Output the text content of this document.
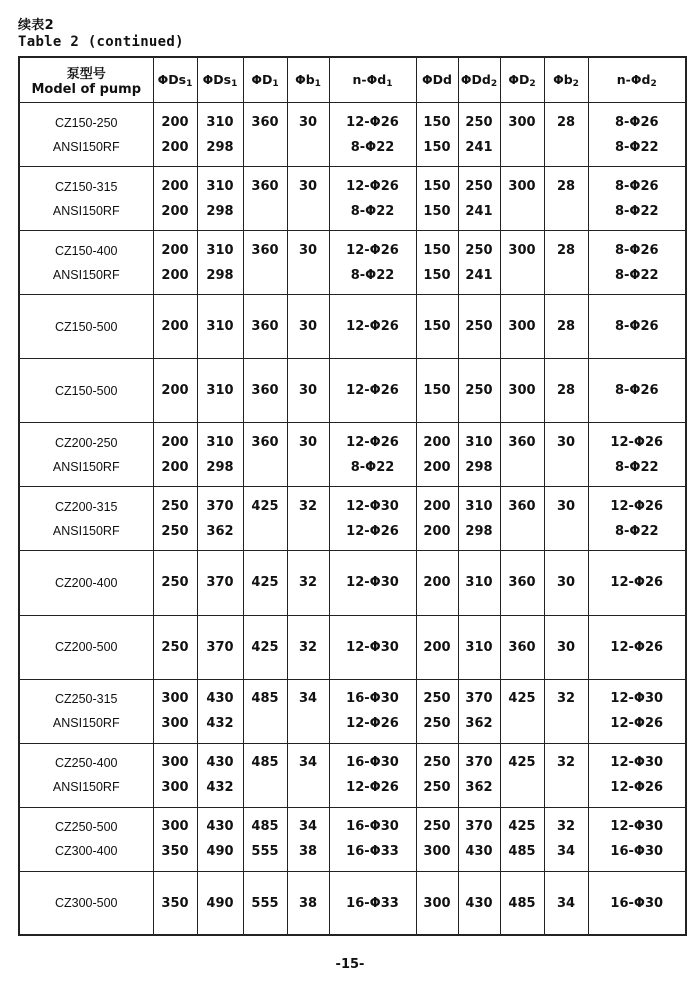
续表2
Table 2 (continued)
泵型号
Model of pump	ΦDs$_1$	ΦDs$_1$	$\Phi D_1$	$\Phi b_1$	$n-\Phi d_1$	ΦDd	ΦDd$_2$	$\Phi D_2$	$\Phi b_2$	$n-\Phi d_2$
CZ150-250	200	310	360	30	12-Φ26	150	250	300	28	8-Φ26
ANSI150RF	200	298			8-Φ22	150	241			8-Φ22
CZ150-315	200	310	360	30	12-Φ26	150	250	300	28	8-Φ26
ANSI150RF	200	298			8-Φ22	150	241			8-Φ22
CZ150-400	200	310	360	30	12-Φ26	150	250	300	28	8-Φ26
ANSI150RF	200	298			8-Φ22	150	241			8-Φ22
CZ150-500	200	310	360	30	12-Φ26	150	250	300	28	8-Φ26
CZ150-500	200	310	360	30	12-Φ26	150	250	300	28	8-Φ26
CZ200-250	200	310	360	30	12-Φ26	200	310	360	30	12-Φ26
ANSI150RF	200	298			8-Φ22	200	298			8-Φ22
CZ200-315	250	370	425	32	12-Φ30	200	310	360	30	12-Φ26
ANSI150RF	250	362			12-Φ26	200	298			8-Φ22
CZ200-400	250	370	425	32	12-Φ30	200	310	360	30	12-Φ26
CZ200-500	250	370	425	32	12-Φ30	200	310	360	30	12-Φ26
CZ250-315	300	430	485	34	16-Φ30	250	370	425	32	12-Φ30
ANSI150RF	300	432			12-Φ26	250	362			12-Φ26
CZ250-400	300	430	485	34	16-Φ30	250	370	425	32	12-Φ30
ANSI150RF	300	432			12-Φ26	250	362			12-Φ26
CZ250-500	300	430	485	34	16-Φ30	250	370	425	32	12-Φ30
CZ300-400	350	490	555	38	16-Φ33	300	430	485	34	16-Φ30
CZ300-500	350	490	555	38	16-Φ33	300	430	485	34	16-Φ30
-15-
